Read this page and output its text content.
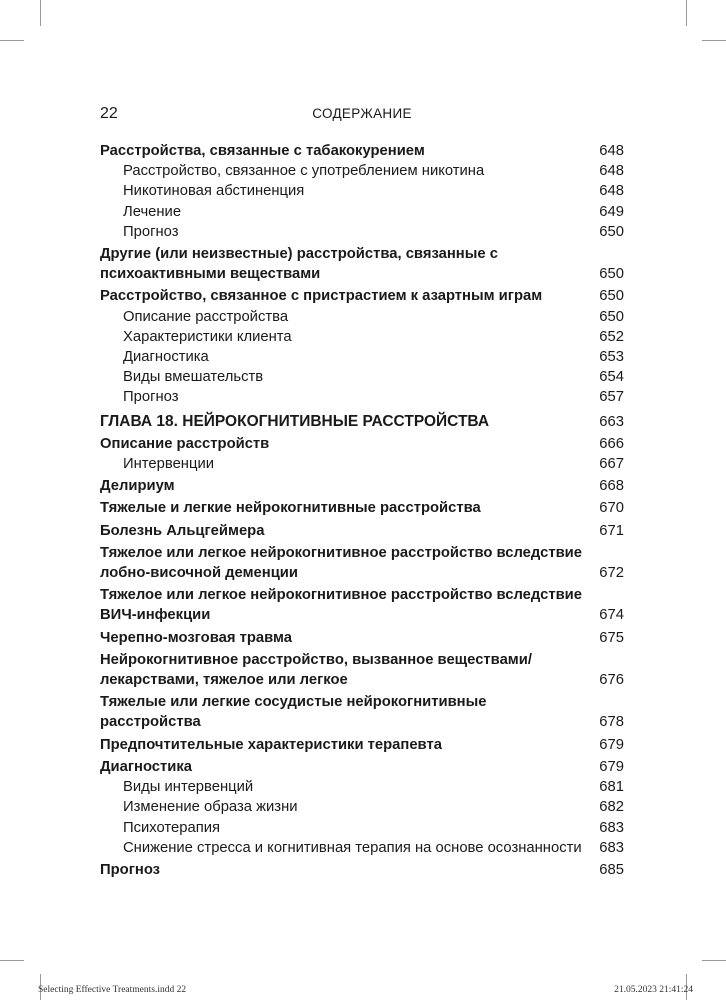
22	СОДЕРЖАНИЕ
Расстройства, связанные с табакокурением	648
Расстройство, связанное с употреблением никотина	648
Никотиновая абстиненция	648
Лечение	649
Прогноз	650
Другие (или неизвестные) расстройства, связанные с психоактивными веществами	650
Расстройство, связанное с пристрастием к азартным играм	650
Описание расстройства	650
Характеристики клиента	652
Диагностика	653
Виды вмешательств	654
Прогноз	657
ГЛАВА 18. НЕЙРОКОГНИТИВНЫЕ РАССТРОЙСТВА	663
Описание расстройств	666
Интервенции	667
Делириум	668
Тяжелые и легкие нейрокогнитивные расстройства	670
Болезнь Альцгеймера	671
Тяжелое или легкое нейрокогнитивное расстройство вследствие лобно-височной деменции	672
Тяжелое или легкое нейрокогнитивное расстройство вследствие ВИЧ-инфекции	674
Черепно-мозговая травма	675
Нейрокогнитивное расстройство, вызванное веществами/ лекарствами, тяжелое или легкое	676
Тяжелые или легкие сосудистые нейрокогнитивные расстройства	678
Предпочтительные характеристики терапевта	679
Диагностика	679
Виды интервенций	681
Изменение образа жизни	682
Психотерапия	683
Снижение стресса и когнитивная терапия на основе осознанности	683
Прогноз	685
Selecting Effective Treatments.indd 22	21.05.2023 21:41:24
